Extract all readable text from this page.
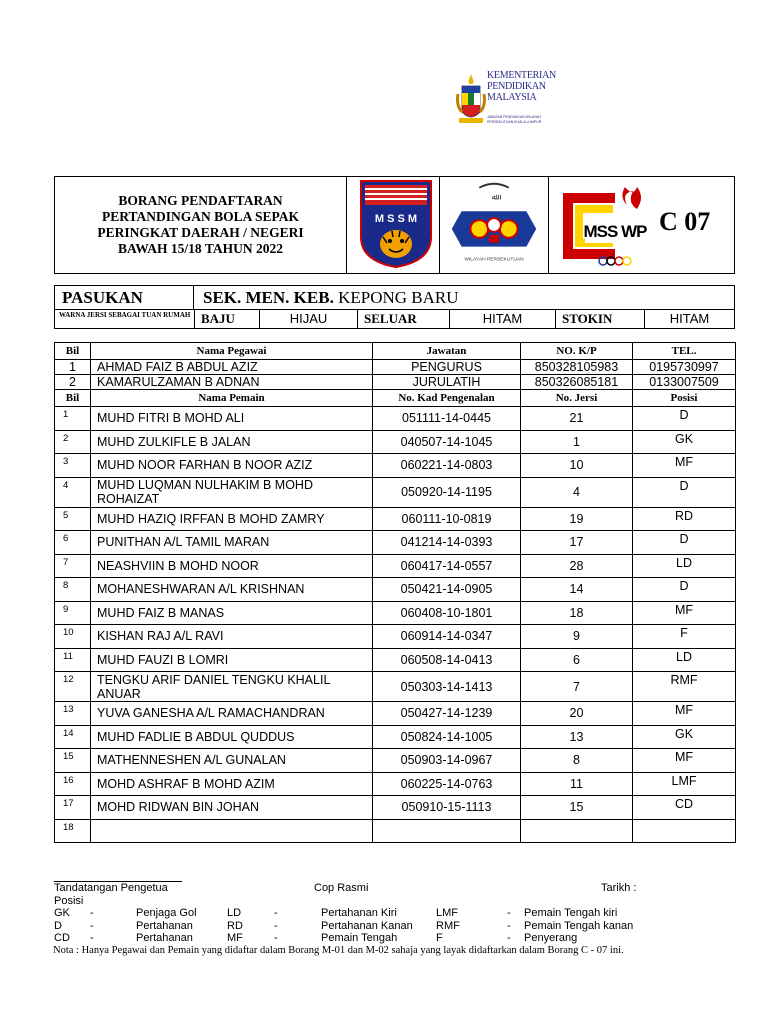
KEMENTERIAN
PENDIDIKAN
MALAYSIA
JABATAN PENDIDIKAN WILAYAH PERSEKUTUAN KUALA LUMPUR
BORANG PENDAFTARAN
PERTANDINGAN BOLA SEPAK
PERINGKAT DAERAH / NEGERI
BAWAH 15/18 TAHUN 2022
M S S M
ﷲ
WILAYAH PERSEKUTUAN
MSS WP C 07
PASUKAN	SEK. MEN. KEB. KEPONG BARU
WARNA JERSI SEBAGAI TUAN RUMAH BAJU	HIJAU	SELUAR	HITAM	STOKIN	HITAM
Bil	Nama Pegawai	Jawatan	NO. K/P	TEL.
1	AHMAD FAIZ B ABDUL AZIZ	PENGURUS	850328105983	0195730997
2	KAMARULZAMAN B ADNAN	JURULATIH	850326085181	0133007509
Bil	Nama Pemain	No. Kad Pengenalan	No. Jersi	Posisi
1	MUHD FITRI B MOHD ALI	051111-14-0445	21	D
2	MUHD ZULKIFLE B JALAN	040507-14-1045	1	GK
3	MUHD NOOR FARHAN B NOOR AZIZ	060221-14-0803	10	MF
4	MUHD LUQMAN NULHAKIM B MOHD ROHAIZAT	050920-14-1195	4	D
5	MUHD HAZIQ IRFFAN B MOHD ZAMRY	060111-10-0819	19	RD
6	PUNITHAN A/L TAMIL MARAN	041214-14-0393	17	D
7	NEASHVIIN B MOHD NOOR	060417-14-0557	28	LD
8	MOHANESHWARAN A/L KRISHNAN	050421-14-0905	14	D
9	MUHD FAIZ B MANAS	060408-10-1801	18	MF
10	KISHAN RAJ A/L RAVI	060914-14-0347	9	F
11	MUHD FAUZI B LOMRI	060508-14-0413	6	LD
12	TENGKU ARIF DANIEL TENGKU KHALIL ANUAR	050303-14-1413	7	RMF
13	YUVA GANESHA A/L RAMACHANDRAN	050427-14-1239	20	MF
14	MUHD FADLIE B ABDUL QUDDUS	050824-14-1005	13	GK
15	MATHENNESHEN A/L GUNALAN	050903-14-0967	8	MF
16	MOHD ASHRAF B MOHD AZIM	060225-14-0763	11	LMF
17	MOHD RIDWAN BIN JOHAN	050910-15-1113	15	CD
18				
Tandatangan Pengetua	Cop Rasmi	Tarikh :
Posisi
GK -	Penjaga Gol	LD	-	Pertahanan Kiri	LMF	- Pemain Tengah kiri
D	-	Pertahanan	RD	-	Pertahanan Kanan RMF	- Pemain Tengah kanan
CD -	Pertahanan	MF	-	Pemain Tengah	F	- Penyerang
Nota : Hanya Pegawai dan Pemain yang didaftar dalam Borang M-01 dan M-02 sahaja yang layak didaftarkan dalam Borang C - 07 ini.
